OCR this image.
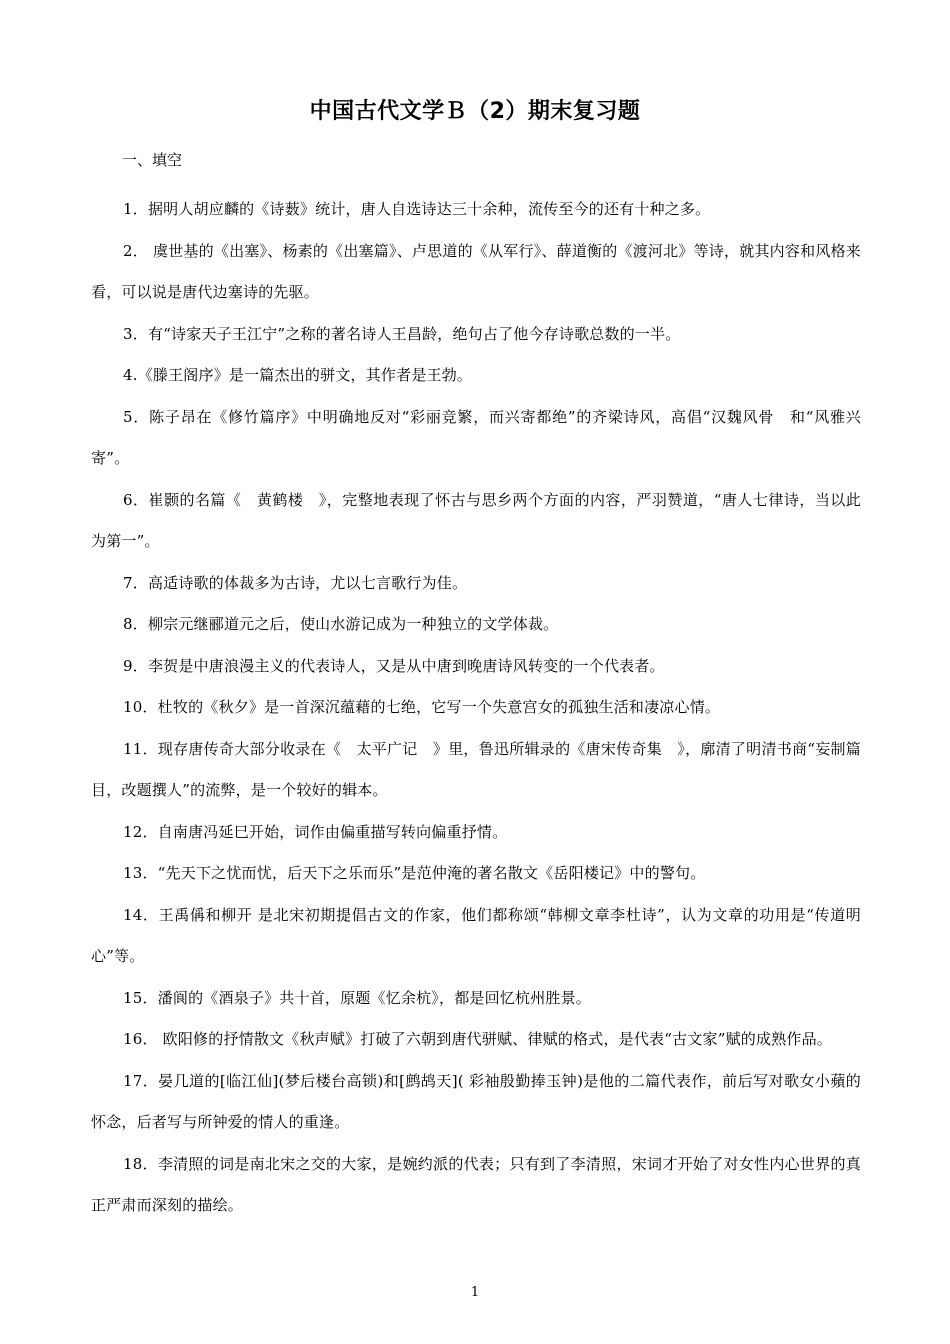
中国古代文学Ｂ（2）期末复习题
一、填空

1．据明人胡应麟的《诗薮》统计，唐人自选诗达三十余种，流传至今的还有十种之多。

2． 虞世基的《出塞》、杨素的《出塞篇》、卢思道的《从军行》、薛道衡的《渡河北》等诗，就其内容和风格来看，可以说是唐代边塞诗的先驱。

3．有“诗家天子王江宁”之称的著名诗人王昌龄，绝句占了他今存诗歌总数的一半。

4.《滕王阁序》是一篇杰出的骈文，其作者是王勃。

5．陈子昂在《修竹篇序》中明确地反对“彩丽竞繁，而兴寄都绝”的齐梁诗风，高倡“汉魏风骨　和“风雅兴寄”。

6．崔颢的名篇《　黄鹤楼　》，完整地表现了怀古与思乡两个方面的内容，严羽赞道，“唐人七律诗，当以此为第一”。

7．高适诗歌的体裁多为古诗，尤以七言歌行为佳。

8．柳宗元继郦道元之后，使山水游记成为一种独立的文学体裁。

9．李贺是中唐浪漫主义的代表诗人，又是从中唐到晚唐诗风转变的一个代表者。

10．杜牧的《秋夕》是一首深沉蕴藉的七绝，它写一个失意宫女的孤独生活和凄凉心情。

11．现存唐传奇大部分收录在《　太平广记　》里，鲁迅所辑录的《唐宋传奇集　》，廓清了明清书商“妄制篇目，改题撰人”的流弊，是一个较好的辑本。

12．自南唐冯延巳开始，词作由偏重描写转向偏重抒情。

13．“先天下之忧而忧，后天下之乐而乐”是范仲淹的著名散文《岳阳楼记》中的警句。

14．王禹偁和柳开 是北宋初期提倡古文的作家，他们都称颂“韩柳文章李杜诗”，认为文章的功用是“传道明心”等。

15．潘阆的《酒泉子》共十首，原题《忆余杭》，都是回忆杭州胜景。

16． 欧阳修的抒情散文《秋声赋》打破了六朝到唐代骈赋、律赋的格式，是代表“古文家”赋的成熟作品。

17．晏几道的[临江仙](梦后楼台高锁)和[鹧鸪天]( 彩袖殷勤捧玉钟)是他的二篇代表作，前后写对歌女小蘋的怀念，后者写与所钟爱的情人的重逢。

18．李清照的词是南北宋之交的大家，是婉约派的代表；只有到了李清照，宋词才开始了对女性内心世界的真正严肃而深刻的描绘。

1
